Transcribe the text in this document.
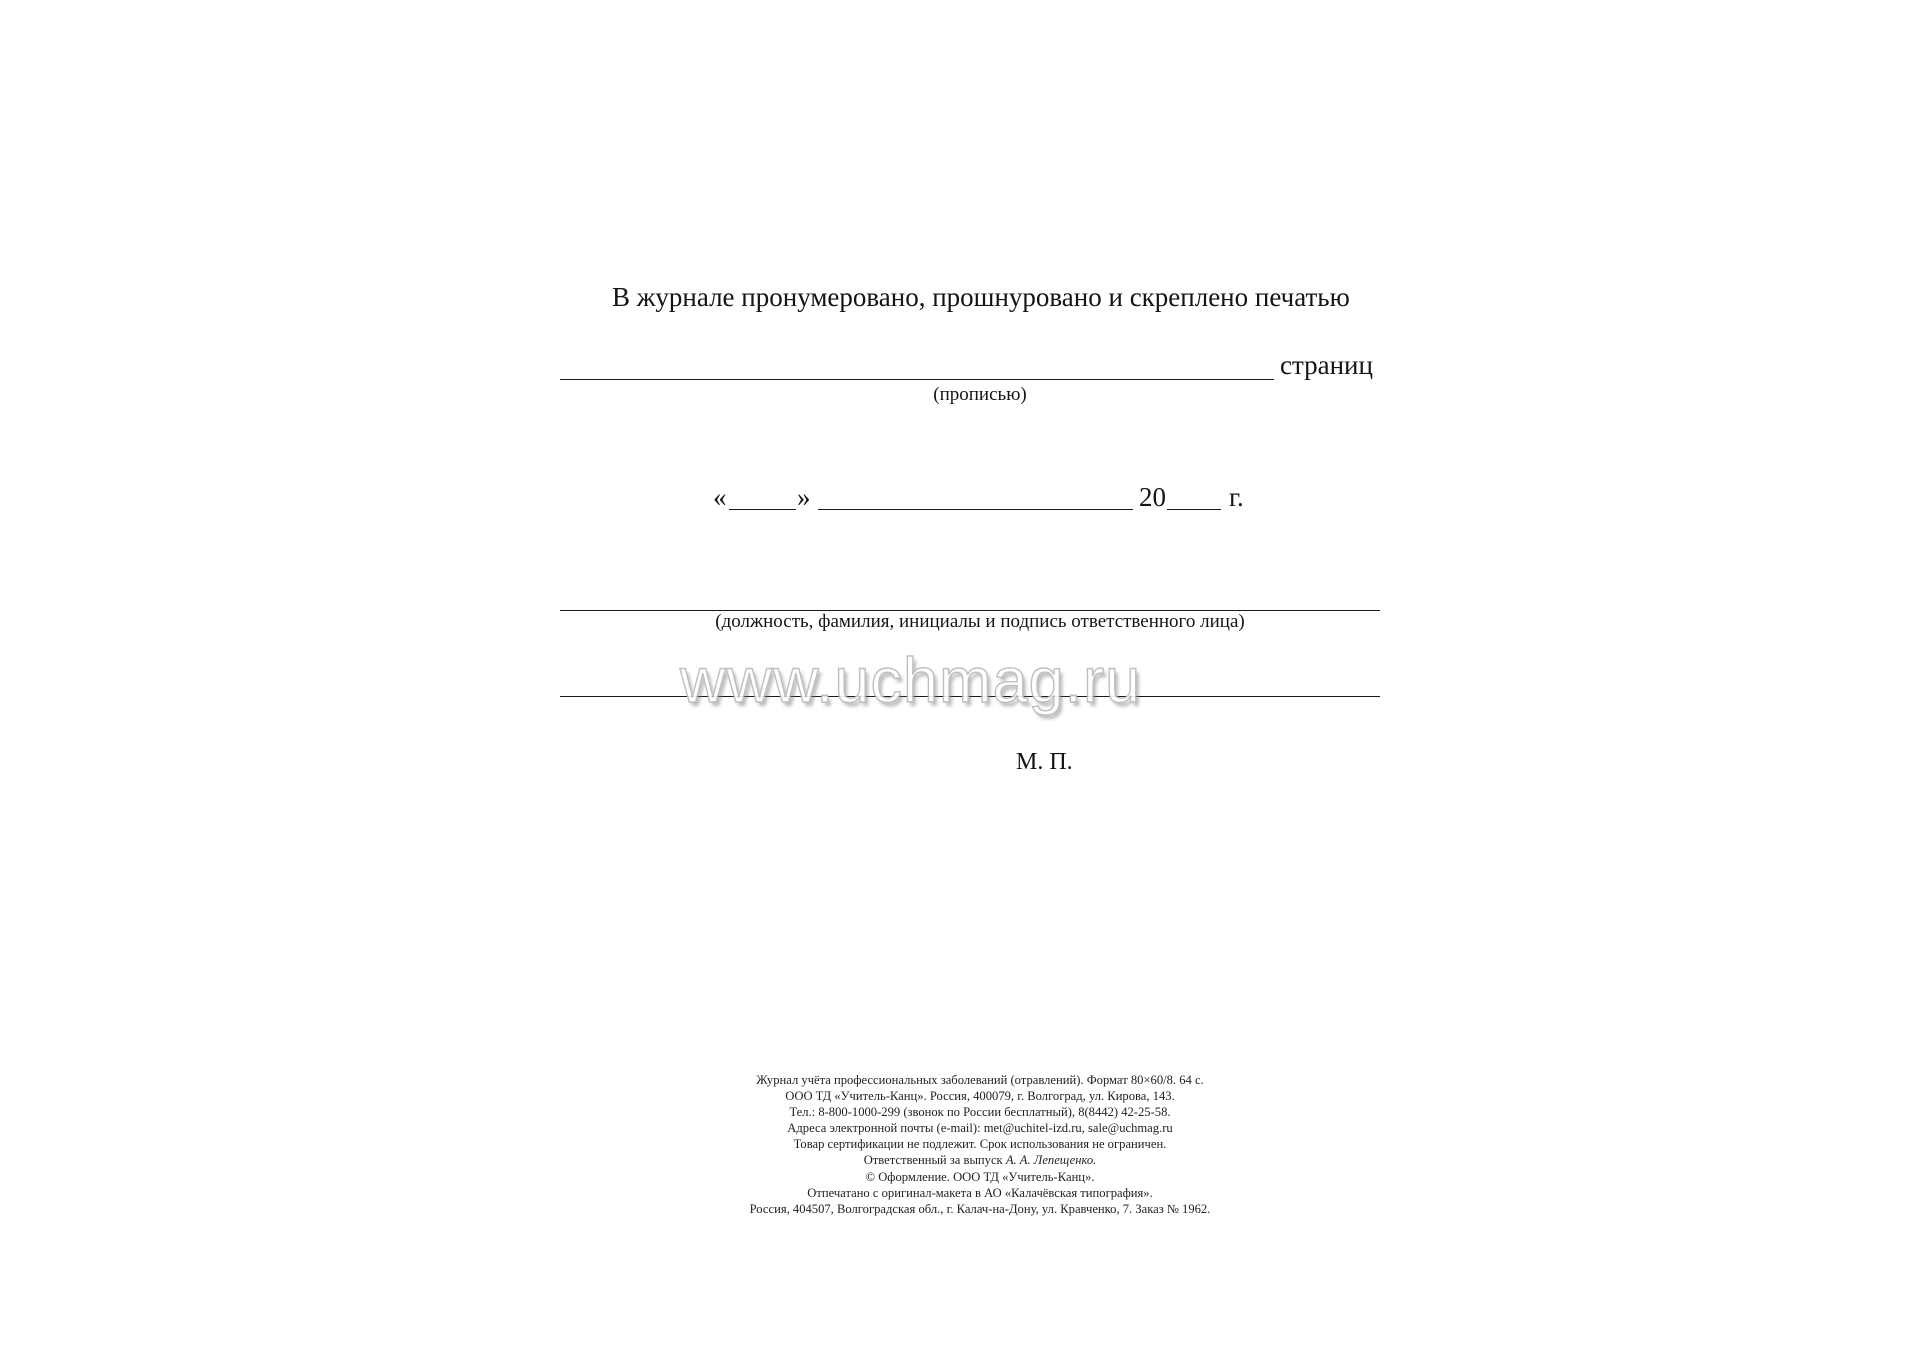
В журнале пронумеровано, прошнуровано и скреплено печатью
страниц
(прописью)
«	»	20 г.
(должность, фамилия, инициалы и подпись ответственного лица)
www.uchmag.ru
М. П.
Журнал учёта профессиональных заболеваний (отравлений). Формат 80×60/8. 64 с.
ООО ТД «Учитель-Канц». Россия, 400079, г. Волгоград, ул. Кирова, 143.
Тел.: 8-800-1000-299 (звонок по России бесплатный), 8(8442) 42-25-58.
Адреса электронной почты (e-mail): met@uchitel-izd.ru, sale@uchmag.ru
Товар сертификации не подлежит. Срок использования не ограничен.
Ответственный за выпуск А. А. Лепещенко.
© Оформление. ООО ТД «Учитель-Канц».
Отпечатано с оригинал-макета в АО «Калачёвская типография».
Россия, 404507, Волгоградская обл., г. Калач-на-Дону, ул. Кравченко, 7. Заказ № 1962.
